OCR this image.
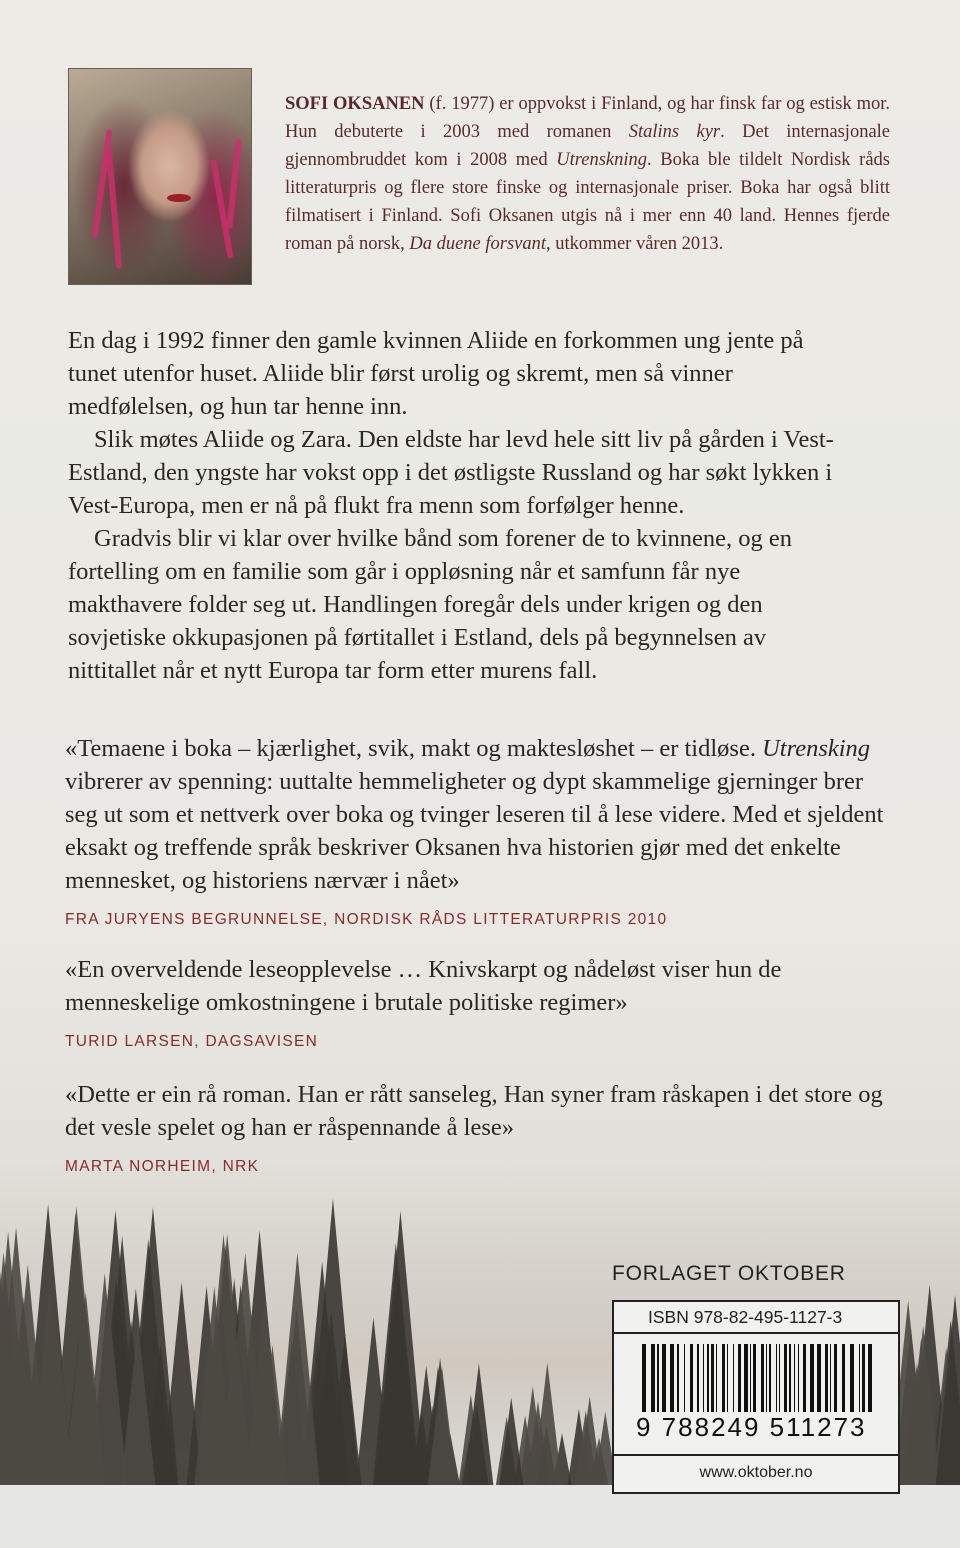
SOFI OKSANEN (f. 1977) er oppvokst i Finland, og har finsk far og estisk mor. Hun debuterte i 2003 med romanen Stalins kyr. Det internasjonale gjennombruddet kom i 2008 med Utrenskning. Boka ble tildelt Nordisk råds litteraturpris og flere store finske og internasjonale priser. Boka har også blitt filmatisert i Finland. Sofi Oksanen utgis nå i mer enn 40 land. Hennes fjerde roman på norsk, Da duene forsvant, utkommer våren 2013.

En dag i 1992 finner den gamle kvinnen Aliide en forkommen ung jente på tunet utenfor huset. Aliide blir først urolig og skremt, men så vinner medfølelsen, og hun tar henne inn.

Slik møtes Aliide og Zara. Den eldste har levd hele sitt liv på gården i Vest-Estland, den yngste har vokst opp i det østligste Russland og har søkt lykken i Vest-Europa, men er nå på flukt fra menn som forfølger henne.

Gradvis blir vi klar over hvilke bånd som forener de to kvinnene, og en fortelling om en familie som går i oppløsning når et samfunn får nye makthavere folder seg ut. Handlingen foregår dels under krigen og den sovjetiske okkupasjonen på førtitallet i Estland, dels på begynnelsen av nittitallet når et nytt Europa tar form etter murens fall.

«Temaene i boka – kjærlighet, svik, makt og maktesløshet – er tidløse. Utrensking vibrerer av spenning: uuttalte hemmeligheter og dypt skammelige gjerninger brer seg ut som et nettverk over boka og tvinger leseren til å lese videre. Med et sjeldent eksakt og treffende språk beskriver Oksanen hva historien gjør med det enkelte mennesket, og historiens nærvær i nået»

FRA JURYENS BEGRUNNELSE, NORDISK RÅDS LITTERATURPRIS 2010

«En overveldende leseopplevelse … Knivskarpt og nådeløst viser hun de menneskelige omkostningene i brutale politiske regimer»

TURID LARSEN, DAGSAVISEN

«Dette er ein rå roman. Han er rått sanseleg, Han syner fram råskapen i det store og det vesle spelet og han er råspennande å lese»

MARTA NORHEIM, NRK
FORLAGET OKTOBER
ISBN 978-82-495-1127-3
9 788249 511273
www.oktober.no
